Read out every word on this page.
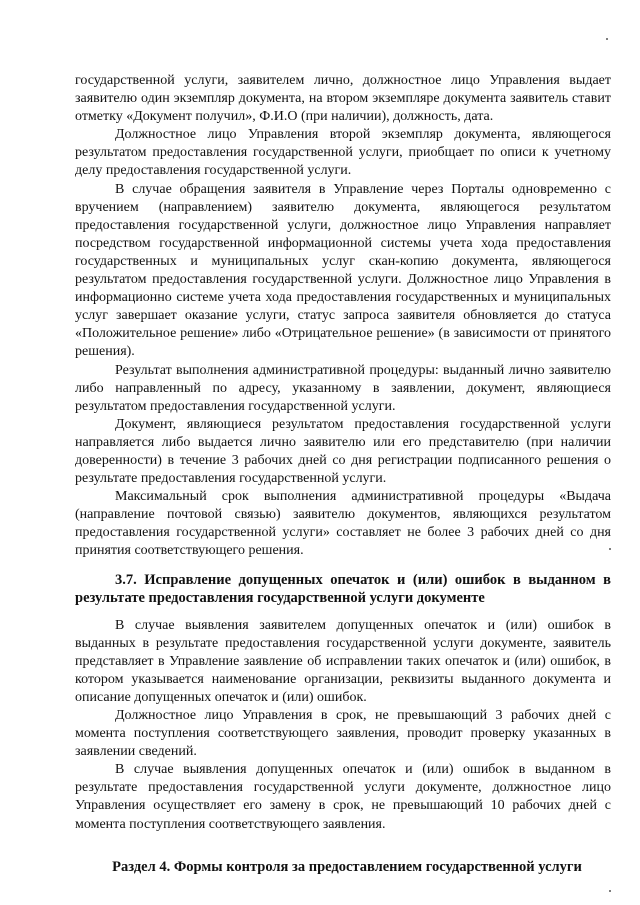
государственной услуги, заявителем лично, должностное лицо Управления выдает заявителю один экземпляр документа, на втором экземпляре документа заявитель ставит отметку «Документ получил», Ф.И.О (при наличии), должность, дата.

Должностное лицо Управления второй экземпляр документа, являющегося результатом предоставления государственной услуги, приобщает по описи к учетному делу предоставления государственной услуги.

В случае обращения заявителя в Управление через Порталы одновременно с вручением (направлением) заявителю документа, являющегося результатом предоставления государственной услуги, должностное лицо Управления направляет посредством государственной информационной системы учета хода предоставления государственных и муниципальных услуг скан-копию документа, являющегося результатом предоставления государственной услуги. Должностное лицо Управления в информационно системе учета хода предоставления государственных и муниципальных услуг завершает оказание услуги, статус запроса заявителя обновляется до статуса «Положительное решение» либо «Отрицательное решение» (в зависимости от принятого решения).

Результат выполнения административной процедуры: выданный лично заявителю либо направленный по адресу, указанному в заявлении, документ, являющиеся результатом предоставления государственной услуги.

Документ, являющиеся результатом предоставления государственной услуги направляется либо выдается лично заявителю или его представителю (при наличии доверенности) в течение 3 рабочих дней со дня регистрации подписанного решения о результате предоставления государственной услуги.

Максимальный срок выполнения административной процедуры «Выдача (направление почтовой связью) заявителю документов, являющихся результатом предоставления государственной услуги» составляет не более 3 рабочих дней со дня принятия соответствующего решения.

3.7. Исправление допущенных опечаток и (или) ошибок в выданном в результате предоставления государственной услуги документе

В случае выявления заявителем допущенных опечаток и (или) ошибок в выданных в результате предоставления государственной услуги документе, заявитель представляет в Управление заявление об исправлении таких опечаток и (или) ошибок, в котором указывается наименование организации, реквизиты выданного документа и описание допущенных опечаток и (или) ошибок.

Должностное лицо Управления в срок, не превышающий 3 рабочих дней с момента поступления соответствующего заявления, проводит проверку указанных в заявлении сведений.

В случае выявления допущенных опечаток и (или) ошибок в выданном в результате предоставления государственной услуги документе, должностное лицо Управления осуществляет его замену в срок, не превышающий 10 рабочих дней с момента поступления соответствующего заявления.

Раздел 4. Формы контроля за предоставлением государственной услуги
